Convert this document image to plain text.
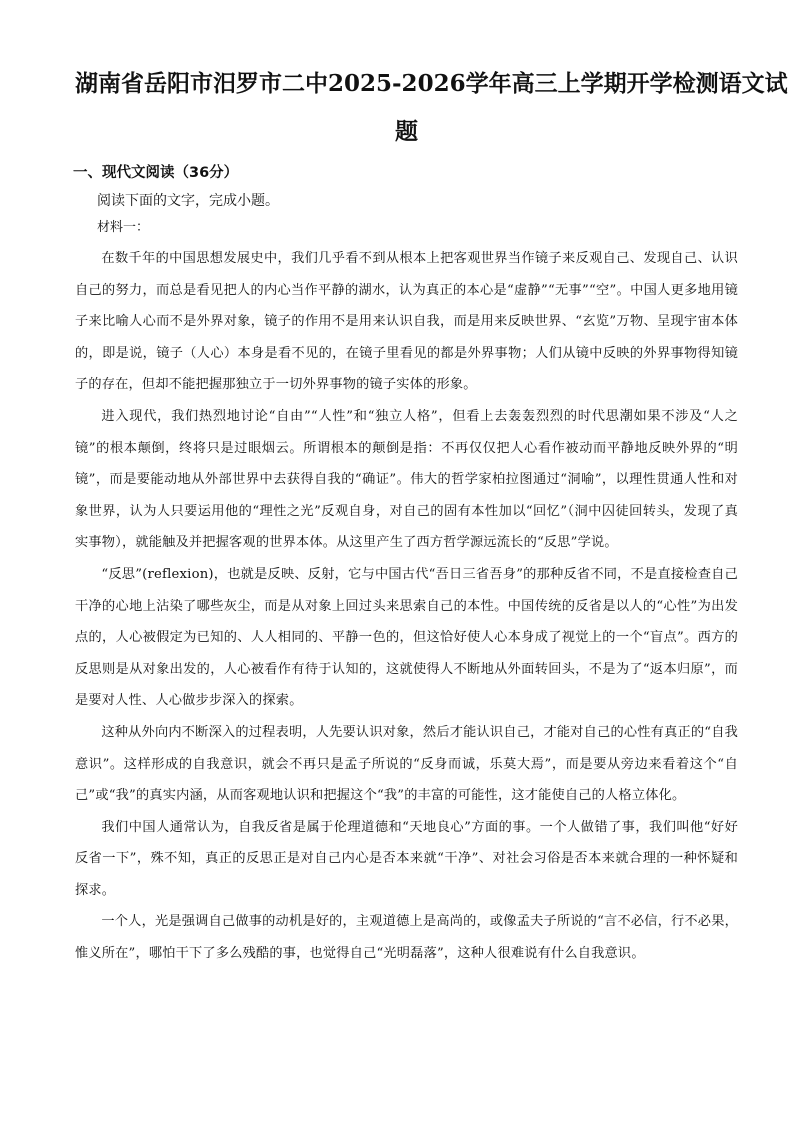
湖南省岳阳市汨罗市二中2025-2026学年高三上学期开学检测语文试
题
一、现代文阅读（36分）
阅读下面的文字，完成小题。
材料一：

在数千年的中国思想发展史中，我们几乎看不到从根本上把客观世界当作镜子来反观自己、发现自己、认识自己的努力，而总是看见把人的内心当作平静的湖水，认为真正的本心是“虚静”“无事”“空”。中国人更多地用镜子来比喻人心而不是外界对象，镜子的作用不是用来认识自我，而是用来反映世界、“玄览”万物、呈现宇宙本体的，即是说，镜子（人心）本身是看不见的，在镜子里看见的都是外界事物；人们从镜中反映的外界事物得知镜子的存在，但却不能把握那独立于一切外界事物的镜子实体的形象。

进入现代，我们热烈地讨论“自由”“人性”和“独立人格”，但看上去轰轰烈烈的时代思潮如果不涉及“人之镜”的根本颠倒，终将只是过眼烟云。所谓根本的颠倒是指：不再仅仅把人心看作被动而平静地反映外界的“明镜”，而是要能动地从外部世界中去获得自我的“确证”。伟大的哲学家柏拉图通过“洞喻”，以理性贯通人性和对象世界，认为人只要运用他的“理性之光”反观自身，对自己的固有本性加以“回忆”（洞中囚徒回转头，发现了真实事物），就能触及并把握客观的世界本体。从这里产生了西方哲学源远流长的“反思”学说。

“反思”(reflexion)，也就是反映、反射，它与中国古代“吾日三省吾身”的那种反省不同，不是直接检查自己干净的心地上沾染了哪些灰尘，而是从对象上回过头来思索自己的本性。中国传统的反省是以人的“心性”为出发点的，人心被假定为已知的、人人相同的、平静一色的，但这恰好使人心本身成了视觉上的一个“盲点”。西方的反思则是从对象出发的，人心被看作有待于认知的，这就使得人不断地从外面转回头，不是为了“返本归原”，而是要对人性、人心做步步深入的探索。

这种从外向内不断深入的过程表明，人先要认识对象，然后才能认识自己，才能对自己的心性有真正的“自我意识”。这样形成的自我意识，就会不再只是孟子所说的“反身而诚，乐莫大焉”，而是要从旁边来看着这个“自己”或“我”的真实内涵，从而客观地认识和把握这个“我”的丰富的可能性，这才能使自己的人格立体化。

我们中国人通常认为，自我反省是属于伦理道德和“天地良心”方面的事。一个人做错了事，我们叫他“好好反省一下”，殊不知，真正的反思正是对自己内心是否本来就“干净”、对社会习俗是否本来就合理的一种怀疑和探求。

一个人，光是强调自己做事的动机是好的，主观道德上是高尚的，或像孟夫子所说的“言不必信，行不必果，惟义所在”，哪怕干下了多么残酷的事，也觉得自己“光明磊落”，这种人很难说有什么自我意识。
